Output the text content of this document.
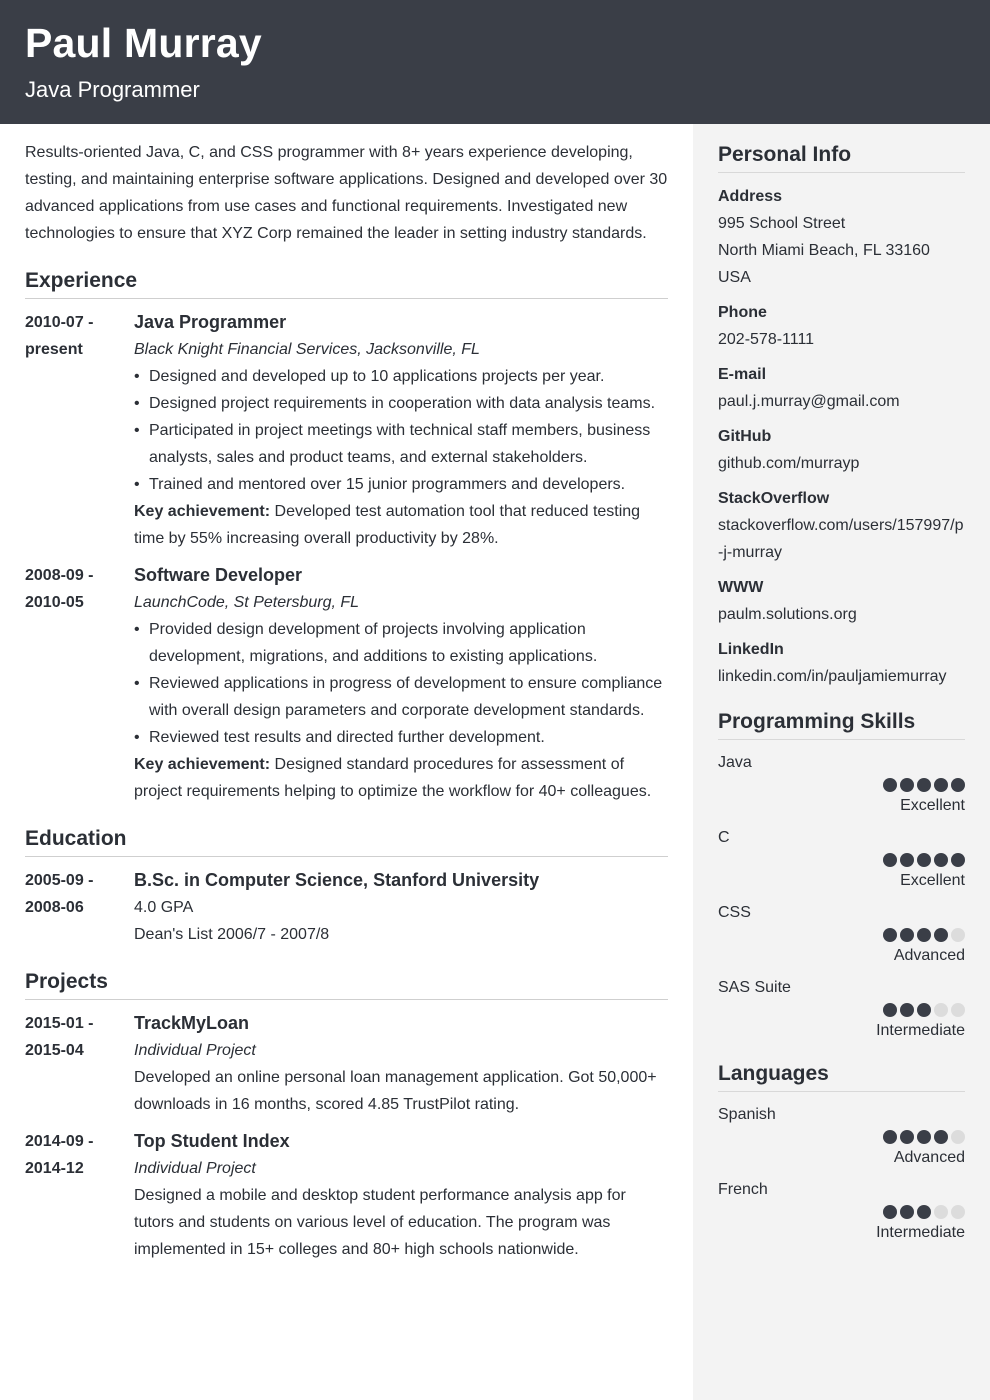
Paul Murray
Java Programmer

Results-oriented Java, C, and CSS programmer with 8+ years experience developing, testing, and maintaining enterprise software applications. Designed and developed over 30 advanced applications from use cases and functional requirements. Investigated new technologies to ensure that XYZ Corp remained the leader in setting industry standards.

Experience
2010-07 -
present
Java Programmer
Black Knight Financial Services, Jacksonville, FL
• Designed and developed up to 10 applications projects per year.
• Designed project requirements in cooperation with data analysis teams.
• Participated in project meetings with technical staff members, business analysts, sales and product teams, and external stakeholders.
• Trained and mentored over 15 junior programmers and developers.
Key achievement: Developed test automation tool that reduced testing time by 55% increasing overall productivity by 28%.
2008-09 -
2010-05
Software Developer
LaunchCode, St Petersburg, FL
• Provided design development of projects involving application development, migrations, and additions to existing applications.
• Reviewed applications in progress of development to ensure compliance with overall design parameters and corporate development standards.
• Reviewed test results and directed further development.
Key achievement: Designed standard procedures for assessment of project requirements helping to optimize the workflow for 40+ colleagues.
Education
2005-09 -
2008-06
B.Sc. in Computer Science, Stanford University
4.0 GPA
Dean's List 2006/7 - 2007/8
Projects
2015-01 -
2015-04
TrackMyLoan
Individual Project
Developed an online personal loan management application. Got 50,000+ downloads in 16 months, scored 4.85 TrustPilot rating.
2014-09 -
2014-12
Top Student Index
Individual Project
Designed a mobile and desktop student performance analysis app for tutors and students on various level of education. The program was implemented in 15+ colleges and 80+ high schools nationwide.
Personal Info
Address
995 School Street
North Miami Beach, FL 33160
USA
Phone
202-578-1111
E-mail
paul.j.murray@gmail.com
GitHub
github.com/murrayp
StackOverflow
stackoverflow.com/users/157997/p-j-murray
WWW
paulm.solutions.org
LinkedIn
linkedin.com/in/pauljamiemurray
Programming Skills
Java
Excellent
C
Excellent
CSS
Advanced
SAS Suite
Intermediate
Languages
Spanish
Advanced
French
Intermediate
